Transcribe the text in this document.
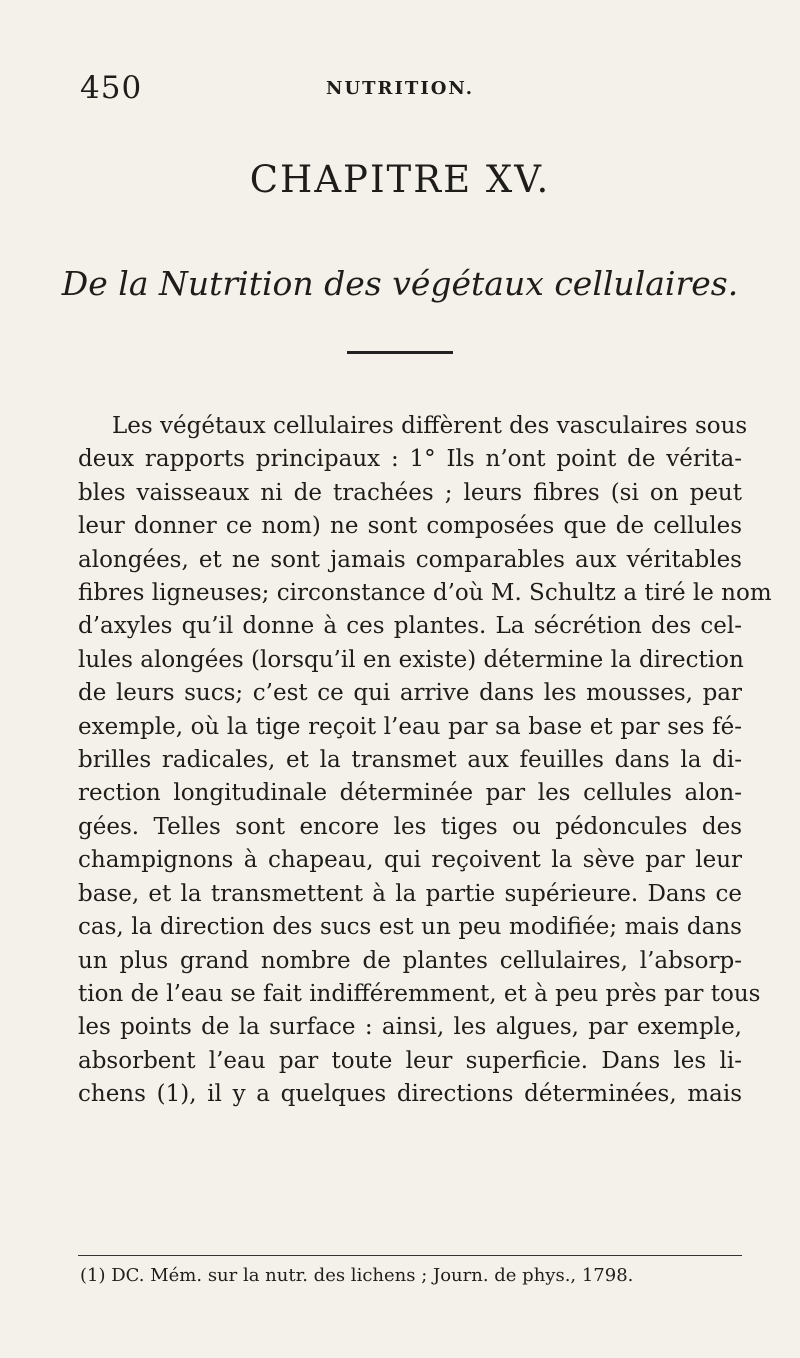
450	NUTRITION.
CHAPITRE XV.
De la Nutrition des végétaux cellulaires.
Les végétaux cellulaires diffèrent des vasculaires sous
deux rapports principaux : 1° Ils n’ont point de vérita-
bles vaisseaux ni de trachées ; leurs fibres (si on peut
leur donner ce nom) ne sont composées que de cellules
alongées, et ne sont jamais comparables aux véritables
fibres ligneuses; circonstance d’où M. Schultz a tiré le nom
d’axyles qu’il donne à ces plantes. La sécrétion des cel-
lules alongées (lorsqu’il en existe) détermine la direction
de leurs sucs; c’est ce qui arrive dans les mousses, par
exemple, où la tige reçoit l’eau par sa base et par ses fé-
brilles radicales, et la transmet aux feuilles dans la di-
rection longitudinale déterminée par les cellules alon-
gées. Telles sont encore les tiges ou pédoncules des
champignons à chapeau, qui reçoivent la sève par leur
base, et la transmettent à la partie supérieure. Dans ce
cas, la direction des sucs est un peu modifiée; mais dans
un plus grand nombre de plantes cellulaires, l’absorp-
tion de l’eau se fait indifféremment, et à peu près par tous
les points de la surface : ainsi, les algues, par exemple,
absorbent l’eau par toute leur superficie. Dans les li-
chens (1), il y a quelques directions déterminées, mais
(1) DC. Mém. sur la nutr. des lichens ; Journ. de phys., 1798.
